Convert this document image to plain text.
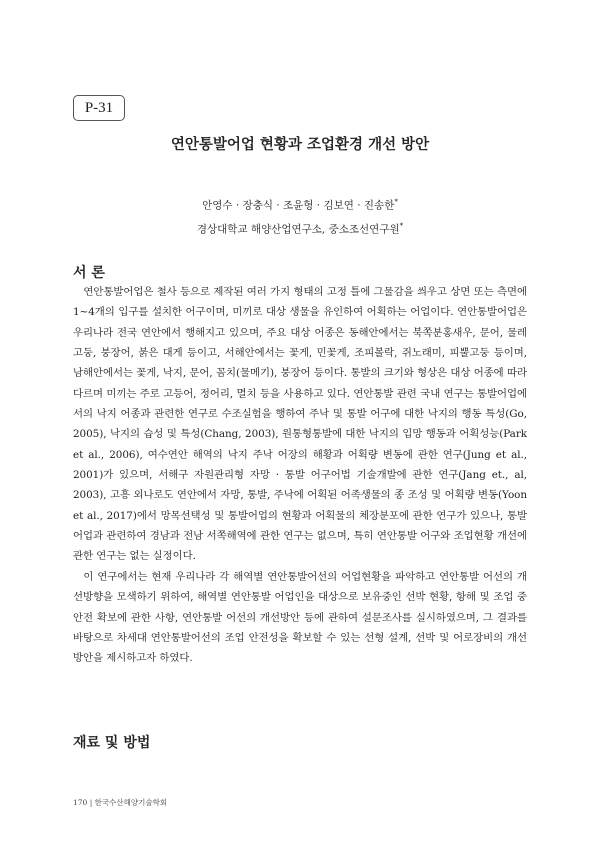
P-31
연안통발어업 현황과 조업환경 개선 방안
안영수 · 장충식 · 조윤형 · 김보연 · 진송한*
경상대학교 해양산업연구소, 중소조선연구원*
서 론

연안통발어업은 철사 등으로 제작된 여러 가지 형태의 고정 틀에 그물감을 씌우고 상면 또는 측면에 1~4개의 입구를 설치한 어구이며, 미끼로 대상 생물을 유인하여 어획하는 어업이다. 연안통발어업은 우리나라 전국 연안에서 행해지고 있으며, 주요 대상 어종은 동해안에서는 북쪽분홍새우, 문어, 물레고둥, 붕장어, 붉은 대게 등이고, 서해안에서는 꽃게, 민꽃게, 조피볼락, 쥐노래미, 피뿔고둥 등이며, 남해안에서는 꽃게, 낙지, 문어, 꼼치(물메기), 붕장어 등이다. 통발의 크기와 형상은 대상 어종에 따라 다르며 미끼는 주로 고등어, 정어리, 멸치 등을 사용하고 있다. 연안통발 관련 국내 연구는 통발어업에서의 낙지 어종과 관련한 연구로 수조실험을 행하여 주낙 및 통발 어구에 대한 낙지의 행동 특성(Go, 2005), 낙지의 습성 및 특성(Chang, 2003), 원통형통발에 대한 낙지의 입망 행동과 어획성능(Park et al., 2006), 여수연안 해역의 낙지 주낙 어장의 해황과 어획량 변동에 관한 연구(Jung et al., 2001)가 있으며, 서해구 자원관리형 자망 · 통발 어구어법 기술개발에 관한 연구(Jang et., al, 2003), 고흥 외나로도 연안에서 자망, 통발, 주낙에 어획된 어족생물의 종 조성 및 어획량 변동(Yoon et al., 2017)에서 망목선택성 및 통발어업의 현황과 어획물의 체장분포에 관한 연구가 있으나, 통발어업과 관련하여 경남과 전남 서쪽해역에 관한 연구는 없으며, 특히 연안통발 어구와 조업현황 개선에 관한 연구는 없는 실정이다.

이 연구에서는 현재 우리나라 각 해역별 연안통발어선의 어업현황을 파악하고 연안통발 어선의 개선방향을 모색하기 위하여, 해역별 연안통발 어업인을 대상으로 보유중인 선박 현황, 항해 및 조업 중 안전 확보에 관한 사항, 연안통발 어선의 개선방안 등에 관하여 설문조사를 실시하였으며, 그 결과를 바탕으로 차세대 연안통발어선의 조업 안전성을 확보할 수 있는 선형 설계, 선박 및 어로장비의 개선 방안을 제시하고자 하였다.

재료 및 방법
170 | 한국수산해양기술학회
